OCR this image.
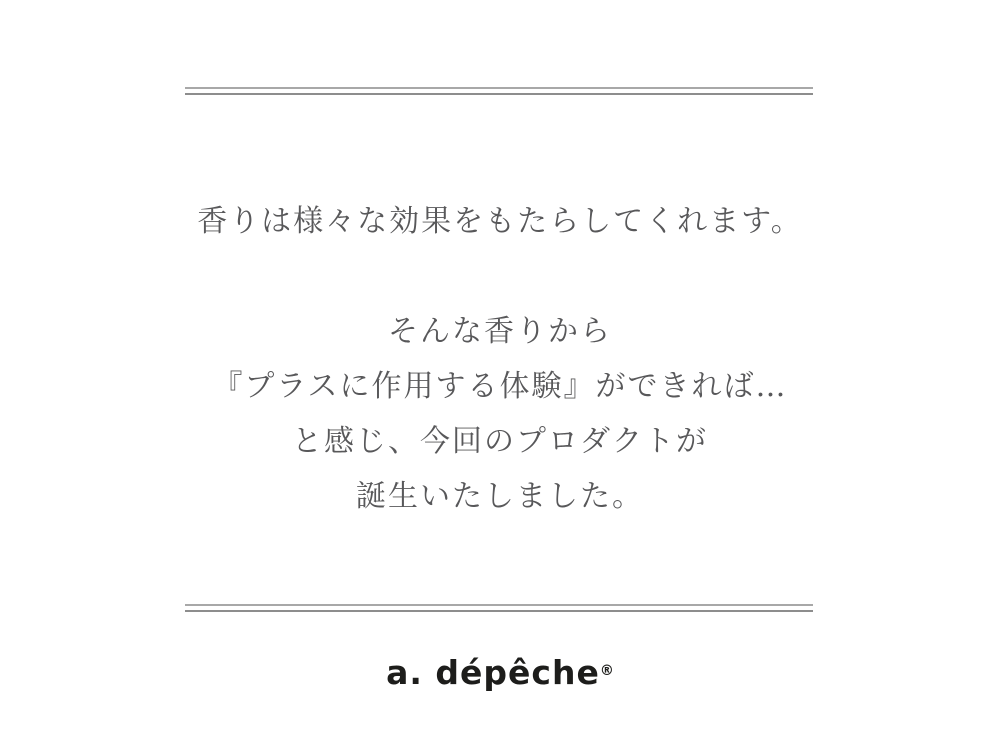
香りは様々な効果をもたらしてくれます。

そんな香りから

『プラスに作用する体験』ができれば…

と感じ、今回のプロダクトが

誕生いたしました。

a. dépêche®
